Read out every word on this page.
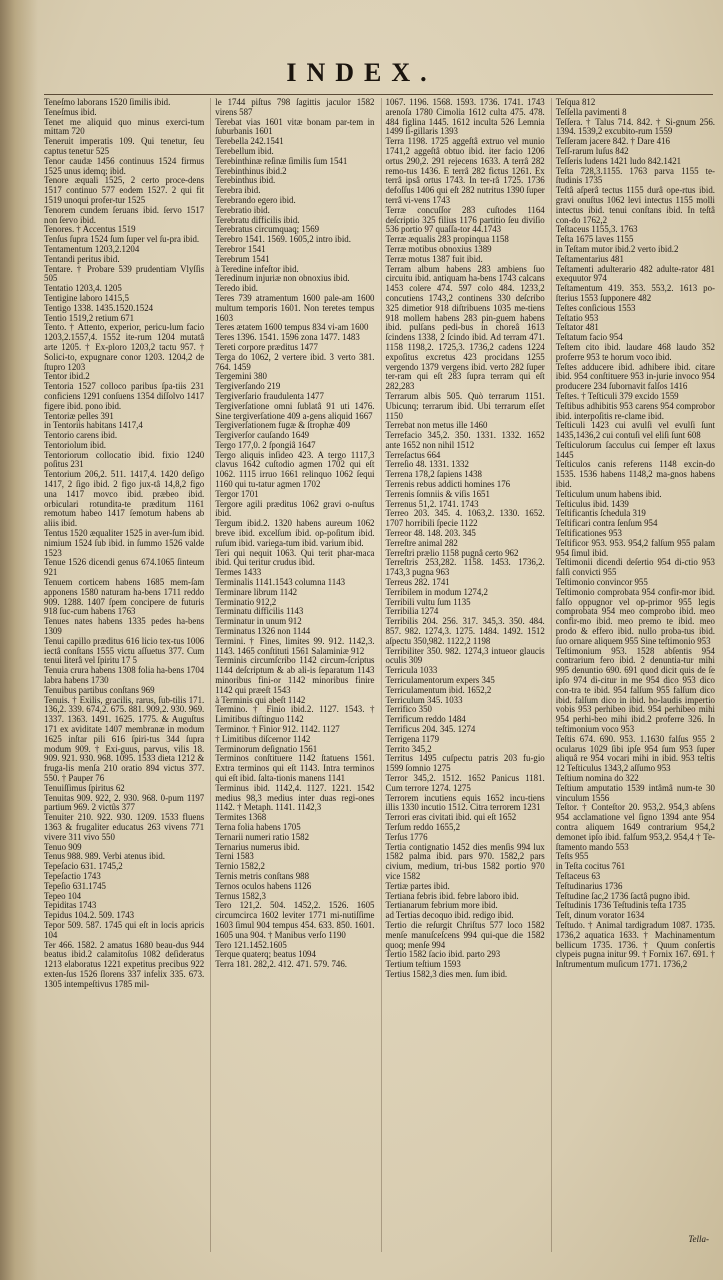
INDEX.

Teneſmo laborans 1520 ſimilis ibid.

Teneſmus ibid.

Tenet me aliquid quo minus exerci-tum mittam 720

Teneruit imperatis 109. Qui tenetur, ſeu captus tenetur 525

Tenor caudæ 1456 continuus 1524 firmus 1525 unus idemq; ibid.

Tenore æquali 1525, 2 certo proce-dens 1517 continuo 577 eodem 1527. 2 qui fit 1519 unoqui profer-tur 1525

Tenorem cundem ſeruans ibid. ſervo 1517 non ſervo ibid.

Tenores. † Accentus 1519

Tenſus ſupra 1524 ſum ſuper vel ſu-pra ibid.

Tentamentum 1203,2.1204

Tentandi peritus ibid.

Tentare. † Probare 539 prudentiam Vlyſſis 505

Tentatio 1203,4. 1205

Tentigine laboro 1415,5

Tentigo 1338. 1435.1520.1524

Tentio 1519,2 retium 671

Tento. † Attento, experior, pericu-lum facio 1203,2.1557,4. 1552 ite-rum 1204 mutatâ arte 1205. † Ex-ploro 1203,2 tactu 957. † Solici-to, expugnare conor 1203. 1204,2 de ſtupro 1203

Tentor ibid.2

Tentoria 1527 colloco paribus ſpa-tiis 231 conficiens 1291 conſuens 1354 diſſolvo 1417 figere ibid. pono ibid.

Tentoriæ pelles 391

in Tentoriis habitans 1417,4

Tentorio carens ibid.

Tentoriolum ibid.

Tentoriorum collocatio ibid. fixio 1240 poſitus 231

Tentorium 206,2. 511. 1417,4. 1420 deſigo 1417, 2 ſigo ibid. 2 figo jux-tâ 14,8,2 figo una 1417 movco ibid. præbeo ibid. orbiculari rotundita-te præditum 1161 remotum habeo 1417 ſemotum habens ab aliis ibid.

Tentus 1520 æqualiter 1525 in aver-ſum ibid. nimium 1524 ſub ibid. in ſummo 1526 valde 1523

Tenue 1526 dicendi genus 674.1065 ſinteum 921

Tenuem corticem habens 1685 mem-ſam apponens 1580 naturam ha-bens 1711 reddo 909. 1288. 1407 ſpem concipere de futuris 918 ſuc-cum habens 1763

Tenues nates habens 1335 pedes ha-bens 1309

Tenui capillo præditus 616 licio tex-tus 1006 iectâ conſtans 1555 victu aſſuetus 377. Cum tenui literâ vel ſpiritu 17 5

Tenuia crura habens 1308 folia ha-bens 1704 labra habens 1730

Tenuibus partibus conſtans 969

Tenuis. † Exilis, gracilis, rarus, ſub-tilis 171. 136,2. 339. 674,2. 675. 881. 909,2. 930. 969. 1337. 1363. 1491. 1625. 1775. & Auguſtus 171 ex aviditate 1407 membranæ in modum 1625 inſtar pili 616 ſpiri-tus 344 ſupra modum 909. † Exi-guus, parvus, vilis 18. 909. 921. 930. 968. 1095. 1533 dieta 1212 & fruga-lis menſa 210 oratio 894 victus 377. 550. † Pauper 76

Tenuiſſimus ſpiritus 62

Tenuitas 909. 922, 2. 930. 968. 0-pum 1197 partium 969. 2 victûs 377

Tenuiter 210. 922. 930. 1209. 1533 fluens 1363 & frugaliter educatus 263 vivens 771 vivere 311 vivo 550

Tenuo 909

Tenus 988. 989. Verbi atenus ibid.

Tepeſacio 631. 1745,2

Tepeſactio 1743

Tepeſio 631.1745

Tepeo 104

Tepiditas 1743

Tepidus 104.2. 509. 1743

Tepor 509. 587. 1745 qui eſt in locis apricis 104

Ter 466. 1582. 2 amatus 1680 beau-dus 944 beatus ibid.2 calamitoſus 1082 deſideratus 1213 elaboratus 1221 expetitus precibus 922 exten-ſus 1526 ſlorens 337 infelix 335. 673. 1305 intempeſtivus 1785 mil-

le 1744 piſtus 798 ſagittis jaculor 1582 virens 587

Terebat vias 1601 vitæ bonam par-tem in ſuburbanis 1601

Terebella 242.1541

Terebellum ibid.

Terebinthinæ reſinæ ſimilis ſum 1541

Terebinthinus ibid.2

Terebinthus ibid.

Terebra ibid.

Terebrando egero ibid.

Terebratio ibid.

Terebratu difficilis ibid.

Terebratus circumquaq; 1569

Terebro 1541. 1569. 1605,2 intro ibid.

Terebror 1541

Terebrum 1541

à Teredine infeſtor ibid.

Teredinum injuriæ non obnoxius ibid.

Teredo ibid.

Teres 739 atramentum 1600 pale-am 1600 multum temporis 1601. Non teretes tempus 1603

Teres ætatem 1600 tempus 834 vi-am 1600

Teres 1396. 1541. 1596 zona 1477. 1483

Tereti corpore præditus 1477

Terga do 1062, 2 vertere ibid. 3 verto 381. 764. 1459

Tergemini 380

Tergiverſando 219

Tergiverſario fraudulenta 1477

Tergiverſatione omni ſublatâ 91 uti 1476. Sine tergiverſatione 409 a-gens aliquid 1667

Tergiverſationem fugæ & ſtrophæ 409

Tergiverſor cauſando 1649

Tergo 177,0. 2 ſpongiâ 1647

Tergo aliquis inſideo 423. A tergo 1117,3 clavus 1642 cuſtodio agmen 1702 qui eſt 1062. 1115 irruo 1661 relinquo 1062 ſequi 1160 qui tu-tatur agmen 1702

Tergor 1701

Tergore agili præditus 1062 gravi o-nuſtus ibid.

Tergum ibid.2. 1320 habens aureum 1062 breve ibid. excelſum ibid. op-poſitum ibid. ruſum ibid. variega-tum ibid. varium ibid.

Teri qui nequit 1063. Qui terit phar-maca ibid. Qui teritur crudus ibid.

Termes 1433

Terminalis 1141.1543 columna 1143

Terminare librum 1142

Terminatio 912,2

Terminatu difficilis 1143

Terminatur in unum 912

Terminatus 1326 non 1144

Termini. † Fines, limites 99. 912. 1142,3. 1143. 1465 conſtituti 1561 Salaminiæ 912

Terminis circumſcribo 1142 circum-ſcriptus 1144 deſcriptum & ab ali-is ſeparatum 1143 minoribus fini-or 1142 minoribus finire 1142 qui præeſt 1543

à Terminis qui abeſt 1142

Termino. † Finio ibid.2. 1127. 1543. † Limitibus diſtinguo 1142

Terminor. † Finior 912. 1142. 1127

† Limitibus diſcernor 1142

Terminorum deſignatio 1561

Terminos conſtituere 1142 ſtatuens 1561. Extra terminos qui eſt 1143. Intra terminos qui eſt ibid. ſalta-tionis manens 1141

Terminus ibid. 1142,4. 1127. 1221. 1542 medius 98,3 medius inter duas regi-ones 1142. † Metaph. 1141. 1142,3

Termites 1368

Terna folia habens 1705

Ternarii numeri ratio 1582

Ternarius numerus ibid.

Terni 1583

Ternio 1582,2

Ternis metris conſtans 988

Ternos oculos habens 1126

Ternus 1582,3

Tero 121,2. 504. 1452,2. 1526. 1605 circumcirca 1602 leviter 1771 mi-nutiſſime 1603 ſimul 904 tempus 454. 633. 850. 1601. 1605 una 904. † Manibus verſo 1190

Tero 121.1452.1605

Terque quaterq; beatus 1094

Terra 181. 282,2. 412. 471. 579. 746.

1067. 1196. 1568. 1593. 1736. 1741. 1743 arenoſa 1780 Cimolia 1612 culta 475. 478. 484 figlina 1445. 1612 inculta 526 Lemnia 1499 ſi-gillaris 1393

Terra 1198. 1725 aggeſtâ extruo vel munio 1741,2 aggeſtâ obtuo ibid. iter facio 1206 ortus 290,2. 291 rejecens 1633. A terrâ 282 remo-tus 1436. E terrâ 282 fictus 1261. Ex terrâ ipsâ ortus 1743. In ter-râ 1725. 1736 defoſſus 1406 qui eſt 282 nutritus 1390 ſuper terrâ vi-vens 1743

Terræ concuſſor 283 cuſtodes 1164 deſcriptio 325 filius 1176 partitio ſeu diviſio 536 portio 97 quaſſa-tor 44.1743

Terræ æqualis 283 propinqua 1158

Terræ motibus obnoxius 1389

Terræ motus 1387 fuit ibid.

Terram album habens 283 ambiens ſuo circuitu ibid. antiquam ha-bens 1743 calcans 1453 colere 474. 597 colo 484. 1233,2 concutiens 1743,2 continens 330 deſcribo 325 dimetior 918 diſtribuens 1035 me-tiens 918 mollem habens 283 pin-guem habens ibid. pulſans pedi-bus in choreâ 1613 ſcindens 1338, 2 ſcindo ibid. Ad terram 471. 1158 1198,2. 1725,3. 1736,2 cadens 1224 expoſitus excretus 423 procidans 1255 vergendo 1379 vergens ibid. verto 282 ſuper ter-ram qui eſt 283 ſupra terram qui eſt 282,283

Terrarum albis 505. Quò terrarum 1151. Ubicunq; terrarum ibid. Ubi terrarum eſſet 1150

Terrebat non metus ille 1460

Terrefacio 345,2. 350. 1331. 1332. 1652 ante 1652 non nihil 1512

Terreſactus 664

Terreſio 48. 1331. 1332

Terrena 178,2 ſapiens 1438

Terrenis rebus addicti homines 176

Terrenis ſomniis & viſis 1651

Terrenus 51,2. 1741. 1743

Terreo 203. 345. 4. 1063,2. 1330. 1652. 1707 horribili ſpecie 1122

Terreor 48. 148. 203. 345

Terreſtre animal 282

Terreſtri prælio 1158 pugnâ certo 962

Terreſtris 253,282. 1158. 1453. 1736,2. 1743,3 pugna 963

Terreus 282. 1741

Terribilem in modum 1274,2

Terribili vultu ſum 1135

Terribilia 1274

Terribilis 204. 256. 317. 345,3. 350. 484. 857. 982. 1274,3. 1275. 1484. 1492. 1512 aſpectu 350,982. 1122,2 1198

Terribiliter 350. 982. 1274,3 intueor glaucis oculis 309

Terricula 1033

Terriculamentorum expers 345

Terriculamentum ibid. 1652,2

Terriculum 345. 1033

Terrifico 350

Terrificum reddo 1484

Terrificus 204. 345. 1274

Terrigena 1179

Territo 345,2

Territus 1495 cuſpectu patris 203 fu-gio 1599 ſomnio 1275

Terror 345,2. 1512. 1652 Panicus 1181. Cum terrore 1274. 1275

Terrorem incutiens equis 1652 incu-tiens illis 1330 incutio 1512. Citra terrorem 1231

Terrori eras civitati ibid. qui eſt 1652

Terſum reddo 1655,2

Terſus 1776

Tertia contignatio 1452 dies menſis 994 lux 1582 palma ibid. pars 970. 1582,2 pars civium, medium, tri-bus 1582 portio 970 vice 1582

Tertiæ partes ibid.

Tertiana febris ibid. febre laboro ibid.

Tertianarum febrium more ibid.

ad Tertias decoquo ibid. redigo ibid.

Tertio die reſurgit Chriſtus 577 loco 1582 menſe manuſceſcens 994 qui-que die 1582 quoq; menſe 994

Tertio 1582 ſacio ibid. parto 293

Tertium teſtium 1593

Tertius 1582,3 dies men. ſum ibid.

Teſqua 812

Teſſella pavimenti 8

Teſſera. † Talus 714. 842. † Si-gnum 256. 1394. 1539,2 excubito-rum 1559

Teſſeram jacere 842. † Dare 416

Teſſ-rarum luſus 842

Teſſeris ludens 1421 ludo 842.1421

Teſta 728,3.1155. 1763 parva 1155 te-ſtudinis 1735

Teſtâ aſperâ tectus 1155 durâ ope-rtus ibid. gravi onuſtus 1062 levi intectus 1155 molli intectus ibid. tenui conſtans ibid. In teſtâ con-do 1762,2

Teſtaceus 1155,3. 1763

Teſta 1675 laves 1155

in Teſtam mutor ibid.2 verto ibid.2

Teſtamentarius 481

Teſtamenti adulterario 482 adulte-rator 481 exequutor 974

Teſtamentum 419. 353. 553,2. 1613 po-ſterius 1553 ſupponere 482

Teſtes conſicious 1553

Teſtatio 953

Teſtator 481

Teſtatum facio 954

Teſtem cito ibid. laudare 468 laudo 352 proferre 953 te horum voco ibid.

Teſtes adducere ibid. adhibere ibid. citare ibid. 954 conſtituere 953 in-jurie invoco 954 producere 234 ſubornavit falſos 1416

Teſtes. † Teſticuli 379 excido 1559

Teſtibus adhibitis 953 carens 954 comprobor ibid. interpoſitis re-clame ibid.

Teſticuli 1423 cui avulſi vel evulſi ſunt 1435,1436,2 cui contuſi vel eliſi ſunt 608

Teſticulorum ſacculus cui ſemper eſt laxus 1445

Teſticulos canis referens 1148 excin-do 1535. 1536 habens 1148,2 ma-gnos habens ibid.

Teſticulum unum habens ibid.

Teſticulus ibid. 1439

Teſtificantis ſchedula 319

Teſtificari contra ſenſum 954

Teſtificationes 953

Teſtificor 953. 953. 954,2 falſum 955 palam 954 ſimul ibid.

Teſtimonii dicendi deſertio 954 di-ctio 953 falſi convicti 955

Teſtimonio convincor 955

Teſtimonio comprobata 954 confir-mor ibid. falſo oppugnor vel op-primor 955 legis comprobata 954 meo comprobo ibid. meo confir-mo ibid. meo premo te ibid. meo prodo & effero ibid. nullo proba-tus ibid. ſuo ornare aliquem 955 Sine teſtimonio 953

Teſtimonium 953. 1528 abſentis 954 contrarium fero ibid. 2 denuntia-tur mihi 995 denuntio 690. 691 quod dicit quis de ſe ipſo 974 di-citur in me 954 dico 953 dico con-tra te ibid. 954 falſum 955 falſum dico ibid. falſum dico in ibid. ho-laudis impertio vobis 953 perhibeo ibid. 954 perhibeo mihi 954 perhi-beo mihi ibid.2 proferre 326. In teſtimonium voco 953

Teſtis 674. 690. 953. 1.1630 falſus 955 2 ocularus 1029 ſibi ipſe 954 ſum 953 ſuper aliquâ re 954 vocari mihi in ibid. 953 teſtis 12 Teſticulus 1343,2 aſſumo 953

Teſtium nomina do 322

Teſtium amputatio 1539 intâmâ num-te 30 vinculum 1556

Teſtor. † Conteſtor 20. 953,2. 954,3 abſens 954 acclamatione vel ſigno 1394 ante 954 contra aliquem 1649 contrarium 954,2 demonet ipſo ibid. falſum 953,2. 954,4 † Te-ſtamento mando 553

Teſts 955

in Teſta cocitus 761

Teſtaceus 63

Teſtudinarius 1736

Teſtudine ſac,2 1736 ſactâ pugno ibid.

Teſtudinis 1736 Teſtudinis teſta 1735

Teſt, dinum vorator 1634

Teſtudo. † Animal tardigradum 1087. 1735. 1736,2 aquatica 1633. † Machinamentum bellicum 1735. 1736. † Quum conſertis clypeis pugna initur 99. † Fornix 167. 691. † Inſtrumentum muſicum 1771. 1736,2

Tella-
